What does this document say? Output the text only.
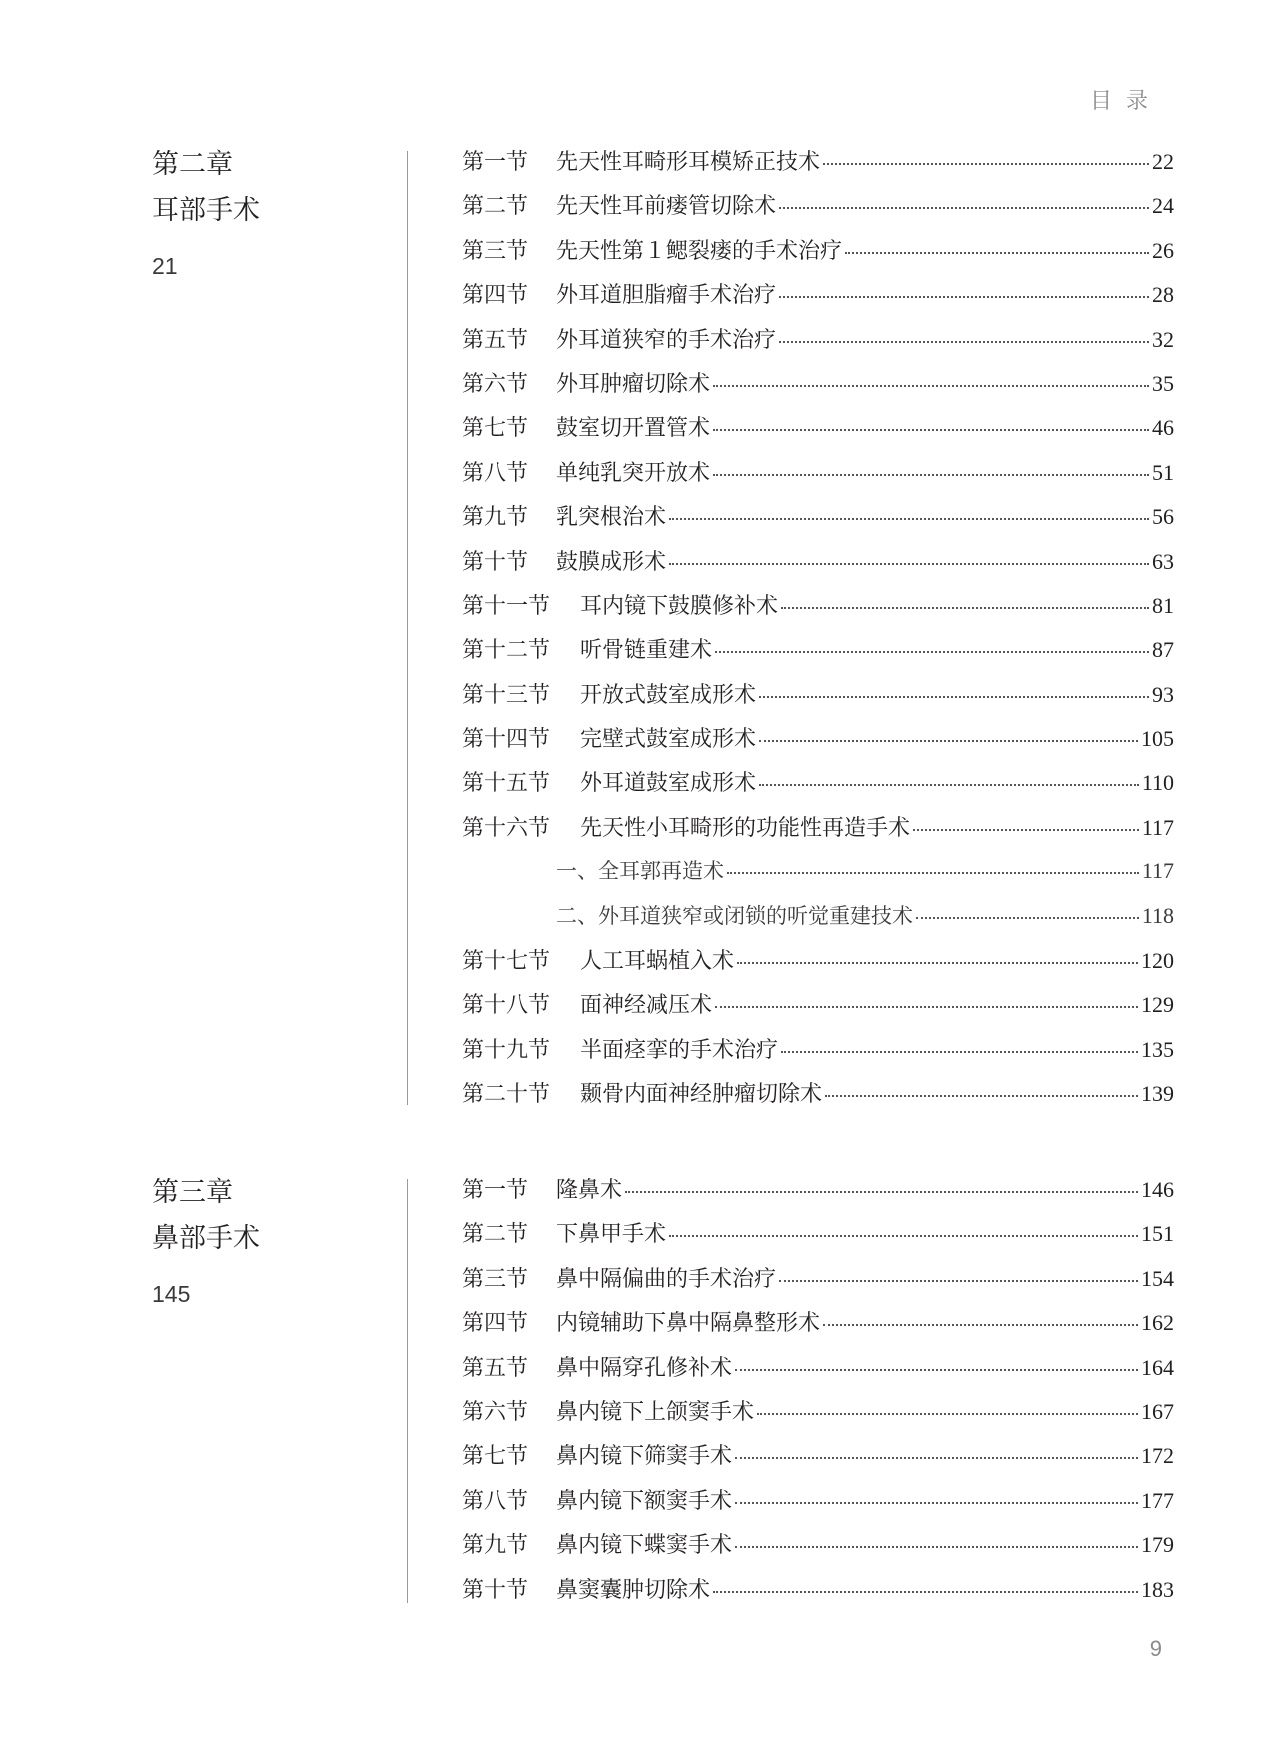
目录
第二章
耳部手术
21
第一节	先天性耳畸形耳模矫正技术	22
第二节	先天性耳前瘘管切除术	24
第三节	先天性第１鳃裂瘘的手术治疗	26
第四节	外耳道胆脂瘤手术治疗	28
第五节	外耳道狭窄的手术治疗	32
第六节	外耳肿瘤切除术	35
第七节	鼓室切开置管术	46
第八节	单纯乳突开放术	51
第九节	乳突根治术	56
第十节	鼓膜成形术	63
第十一节	耳内镜下鼓膜修补术	81
第十二节	听骨链重建术	87
第十三节	开放式鼓室成形术	93
第十四节	完壁式鼓室成形术	105
第十五节	外耳道鼓室成形术	110
第十六节	先天性小耳畸形的功能性再造手术	117
一、全耳郭再造术	117
二、外耳道狭窄或闭锁的听觉重建技术	118
第十七节	人工耳蜗植入术	120
第十八节	面神经减压术	129
第十九节	半面痉挛的手术治疗	135
第二十节	颞骨内面神经肿瘤切除术	139
第三章
鼻部手术
145
第一节	隆鼻术	146
第二节	下鼻甲手术	151
第三节	鼻中隔偏曲的手术治疗	154
第四节	内镜辅助下鼻中隔鼻整形术	162
第五节	鼻中隔穿孔修补术	164
第六节	鼻内镜下上颌窦手术	167
第七节	鼻内镜下筛窦手术	172
第八节	鼻内镜下额窦手术	177
第九节	鼻内镜下蝶窦手术	179
第十节	鼻窦囊肿切除术	183
9
